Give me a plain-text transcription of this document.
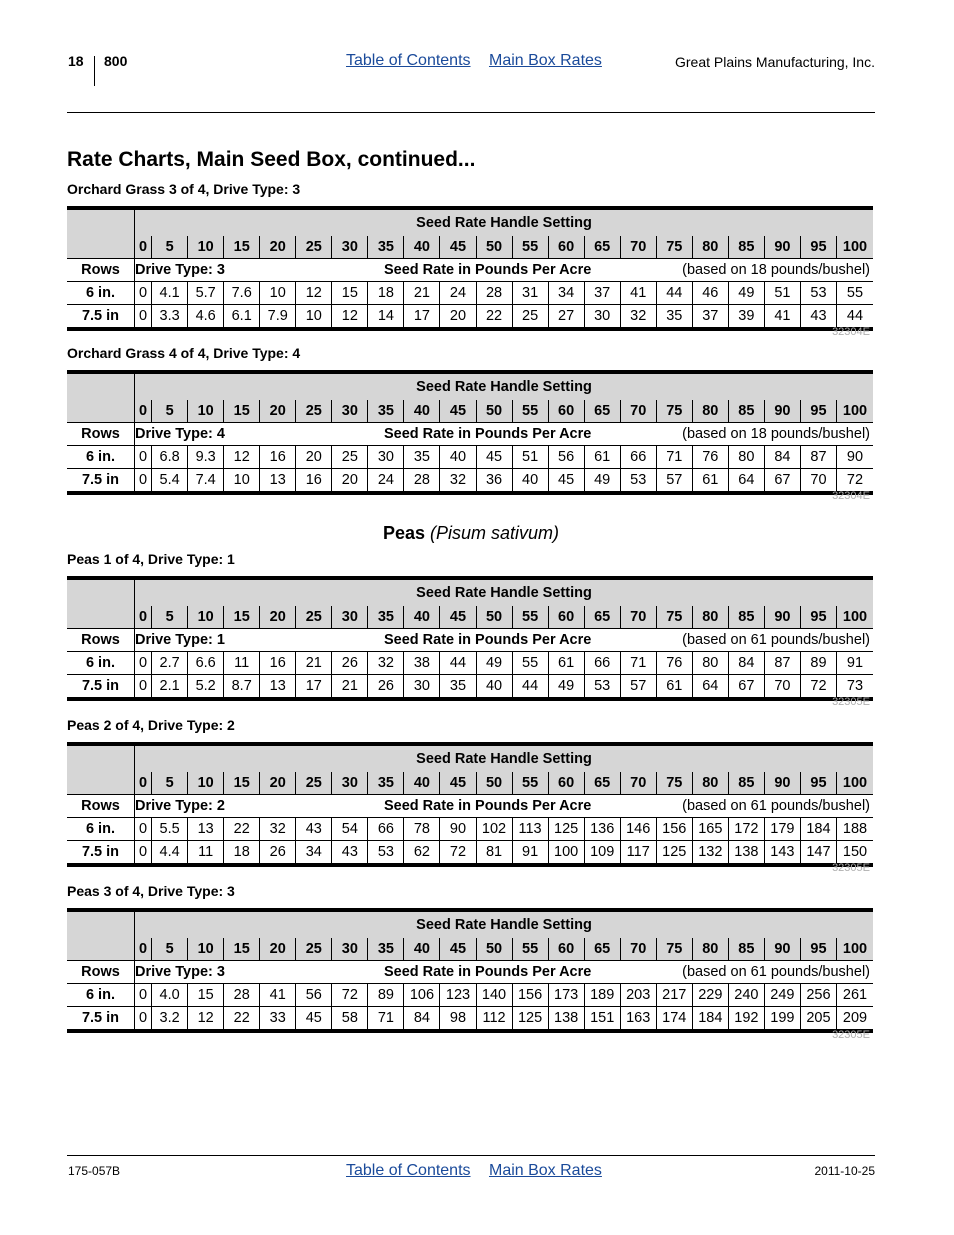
18 800	Table of Contents Main Box Rates	Great Plains Manufacturing, Inc.
Rate Charts, Main Seed Box, continued...
Peas (Pisum sativum)
Orchard Grass 3 of 4, Drive Type: 3
	Seed Rate Handle Setting																				
	0	5	10	15	20	25	30	35	40	45	50	55	60	65	70	75	80	85	90	95	100
Rows	Drive Type: 3 Seed Rate in Pounds Per Acre (based on 18 pounds/bushel)																				

6 in.	0	4.1	5.7	7.6	10	12	15	18	21	24	28	31	34	37	41	44	46	49	51	53	55
7.5 in	0	3.3	4.6	6.1	7.9	10	12	14	17	20	22	25	27	30	32	35	37	39	41	43	44
32304E
Orchard Grass 4 of 4, Drive Type: 4
	Seed Rate Handle Setting																				
	0	5	10	15	20	25	30	35	40	45	50	55	60	65	70	75	80	85	90	95	100
Rows	Drive Type: 4 Seed Rate in Pounds Per Acre (based on 18 pounds/bushel)																				

6 in.	0	6.8	9.3	12	16	20	25	30	35	40	45	51	56	61	66	71	76	80	84	87	90
7.5 in	0	5.4	7.4	10	13	16	20	24	28	32	36	40	45	49	53	57	61	64	67	70	72
32304E
Peas 1 of 4, Drive Type: 1
	Seed Rate Handle Setting																				
	0	5	10	15	20	25	30	35	40	45	50	55	60	65	70	75	80	85	90	95	100
Rows	Drive Type: 1 Seed Rate in Pounds Per Acre (based on 61 pounds/bushel)																				

6 in.	0	2.7	6.6	11	16	21	26	32	38	44	49	55	61	66	71	76	80	84	87	89	91
7.5 in	0	2.1	5.2	8.7	13	17	21	26	30	35	40	44	49	53	57	61	64	67	70	72	73
32305E
Peas 2 of 4, Drive Type: 2
	Seed Rate Handle Setting																				
	0	5	10	15	20	25	30	35	40	45	50	55	60	65	70	75	80	85	90	95	100
Rows	Drive Type: 2 Seed Rate in Pounds Per Acre (based on 61 pounds/bushel)																				

6 in.	0	5.5	13	22	32	43	54	66	78	90	102	113	125	136	146	156	165	172	179	184	188
7.5 in	0	4.4	11	18	26	34	43	53	62	72	81	91	100	109	117	125	132	138	143	147	150
32305E
Peas 3 of 4, Drive Type: 3
	Seed Rate Handle Setting																				
	0	5	10	15	20	25	30	35	40	45	50	55	60	65	70	75	80	85	90	95	100
Rows	Drive Type: 3 Seed Rate in Pounds Per Acre (based on 61 pounds/bushel)																				

6 in.	0	4.0	15	28	41	56	72	89	106	123	140	156	173	189	203	217	229	240	249	256	261
7.5 in	0	3.2	12	22	33	45	58	71	84	98	112	125	138	151	163	174	184	192	199	205	209
32305E
175-057B	Table of Contents Main Box Rates	2011-10-25
